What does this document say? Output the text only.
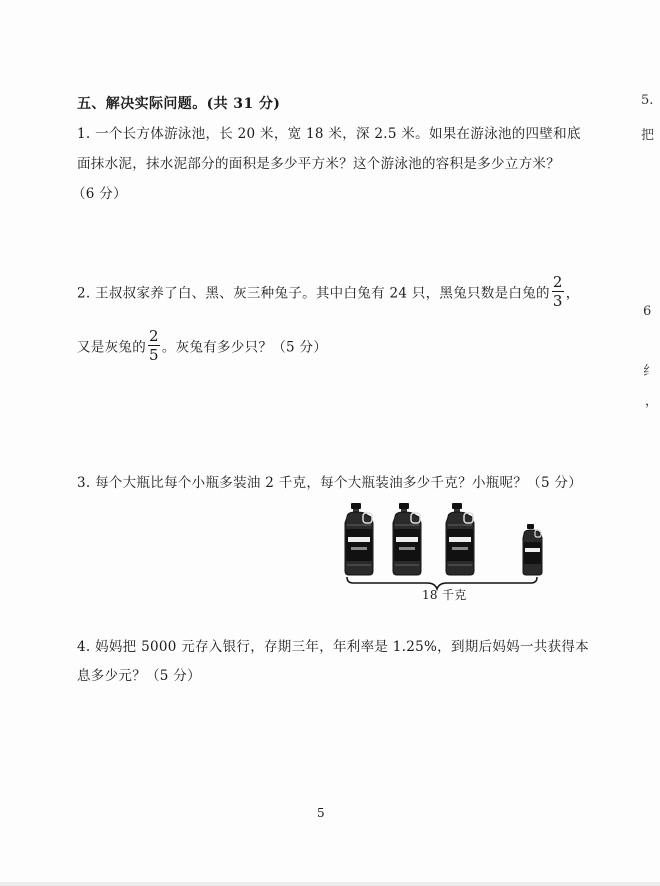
五、解决实际问题。(共 31 分)
1. 一个长方体游泳池，长 20 米，宽 18 米，深 2.5 米。如果在游泳池的四壁和底
面抹水泥，抹水泥部分的面积是多少平方米？这个游泳池的容积是多少立方米？
（6 分）
2. 王叔叔家养了白、黑、灰三种兔子。其中白兔有 24 只，黑兔只数是白兔的 $\frac{2}{3}$ ，
又是灰兔的 $\frac{2}{5}$ 。灰兔有多少只？（5 分）
3. 每个大瓶比每个小瓶多装油 2 千克，每个大瓶装油多少千克？小瓶呢？（5 分）
18 千克
4. 妈妈把 5000 元存入银行，存期三年，年利率是 1.25%，到期后妈妈一共获得本
息多少元？（5 分）
5
5.
把
6
纟
，
